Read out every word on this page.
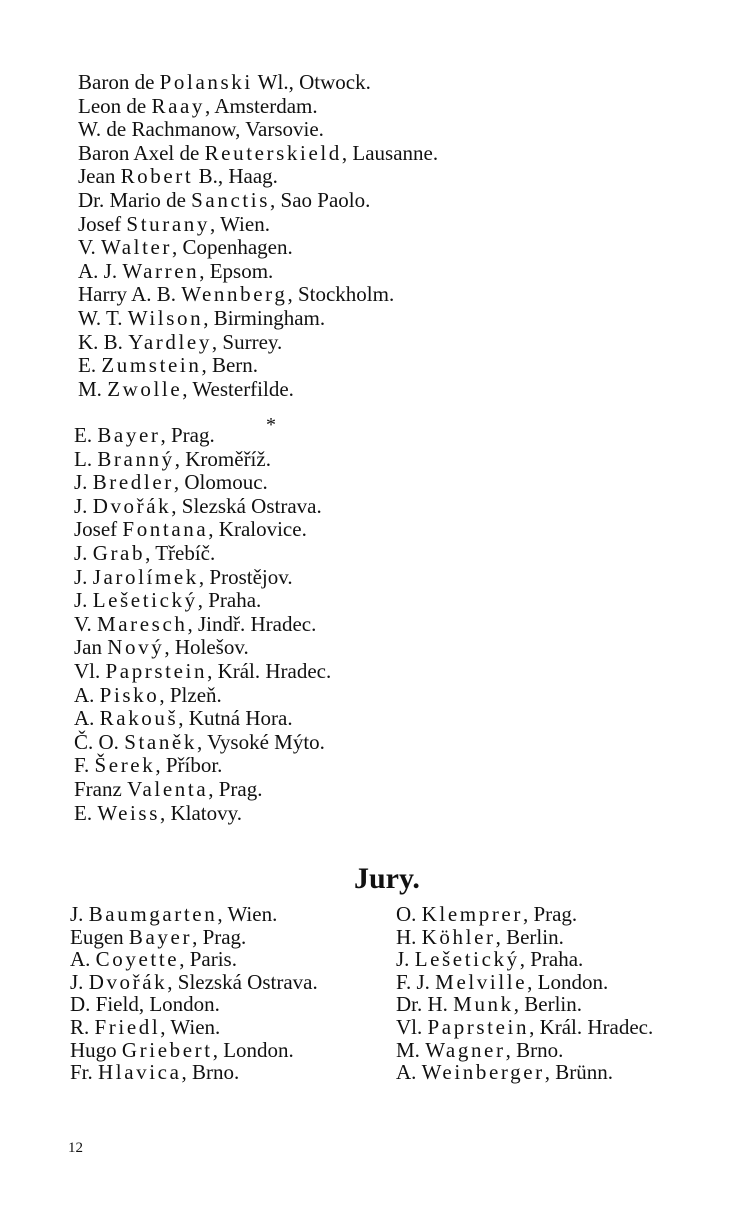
Baron de Polanski Wl., Otwock.
Leon de Raay, Amsterdam.
W. de Rachmanow, Varsovie.
Baron Axel de Reuterskield, Lausanne.
Jean Robert B., Haag.
Dr. Mario de Sanctis, Sao Paolo.
Josef Sturany, Wien.
V. Walter, Copenhagen.
A. J. Warren, Epsom.
Harry A. B. Wennberg, Stockholm.
W. T. Wilson, Birmingham.
K. B. Yardley, Surrey.
E. Zumstein, Bern.
M. Zwolle, Westerfilde.
*
E. Bayer, Prag.
L. Branný, Kroměříž.
J. Bredler, Olomouc.
J. Dvořák, Slezská Ostrava.
Josef Fontana, Kralovice.
J. Grab, Třebíč.
J. Jarolímek, Prostějov.
J. Lešetický, Praha.
V. Maresch, Jindř. Hradec.
Jan Nový, Holešov.
Vl. Paprstein, Král. Hradec.
A. Pisko, Plzeň.
A. Rakouš, Kutná Hora.
Č. O. Staněk, Vysoké Mýto.
F. Šerek, Příbor.
Franz Valenta, Prag.
E. Weiss, Klatovy.
Jury.
J. Baumgarten, Wien.
Eugen Bayer, Prag.
A. Coyette, Paris.
J. Dvořák, Slezská Ostrava.
D. Field, London.
R. Friedl, Wien.
Hugo Griebert, London.
Fr. Hlavica, Brno.
O. Klemprer, Prag.
H. Köhler, Berlin.
J. Lešetický, Praha.
F. J. Melville, London.
Dr. H. Munk, Berlin.
Vl. Paprstein, Král. Hradec.
M. Wagner, Brno.
A. Weinberger, Brünn.
12
